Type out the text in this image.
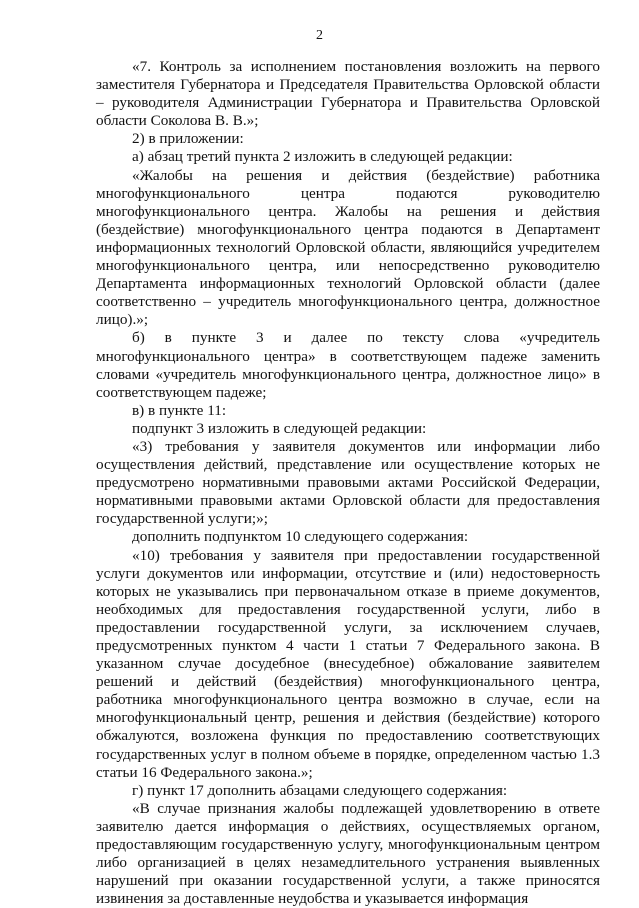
2

«7. Контроль за исполнением постановления возложить на первого заместителя Губернатора и Председателя Правительства Орловской области – руководителя Администрации Губернатора и Правительства Орловской области Соколова В. В.»;

2) в приложении:

а) абзац третий пункта 2 изложить в следующей редакции:

«Жалобы на решения и действия (бездействие) работника многофункционального центра подаются руководителю многофункционального центра. Жалобы на решения и действия (бездействие) многофункционального центра подаются в Департамент информационных технологий Орловской области, являющийся учредителем многофункционального центра, или непосредственно руководителю Департамента информационных технологий Орловской области (далее соответственно – учредитель многофункционального центра, должностное лицо).»;

б) в пункте 3 и далее по тексту слова «учредитель многофункционального центра» в соответствующем падеже заменить словами «учредитель многофункционального центра, должностное лицо» в соответствующем падеже;

в) в пункте 11:

подпункт 3 изложить в следующей редакции:

«3) требования у заявителя документов или информации либо осуществления действий, представление или осуществление которых не предусмотрено нормативными правовыми актами Российской Федерации, нормативными правовыми актами Орловской области для предоставления государственной услуги;»;

дополнить подпунктом 10 следующего содержания:

«10) требования у заявителя при предоставлении государственной услуги документов или информации, отсутствие и (или) недостоверность которых не указывались при первоначальном отказе в приеме документов, необходимых для предоставления государственной услуги, либо в предоставлении государственной услуги, за исключением случаев, предусмотренных пунктом 4 части 1 статьи 7 Федерального закона. В указанном случае досудебное (внесудебное) обжалование заявителем решений и действий (бездействия) многофункционального центра, работника многофункционального центра возможно в случае, если на многофункциональный центр, решения и действия (бездействие) которого обжалуются, возложена функция по предоставлению соответствующих государственных услуг в полном объеме в порядке, определенном частью 1.3 статьи 16 Федерального закона.»;

г) пункт 17 дополнить абзацами следующего содержания:

«В случае признания жалобы подлежащей удовлетворению в ответе заявителю дается информация о действиях, осуществляемых органом, предоставляющим государственную услугу, многофункциональным центром либо организацией в целях незамедлительного устранения выявленных нарушений при оказании государственной услуги, а также приносятся извинения за доставленные неудобства и указывается информация
